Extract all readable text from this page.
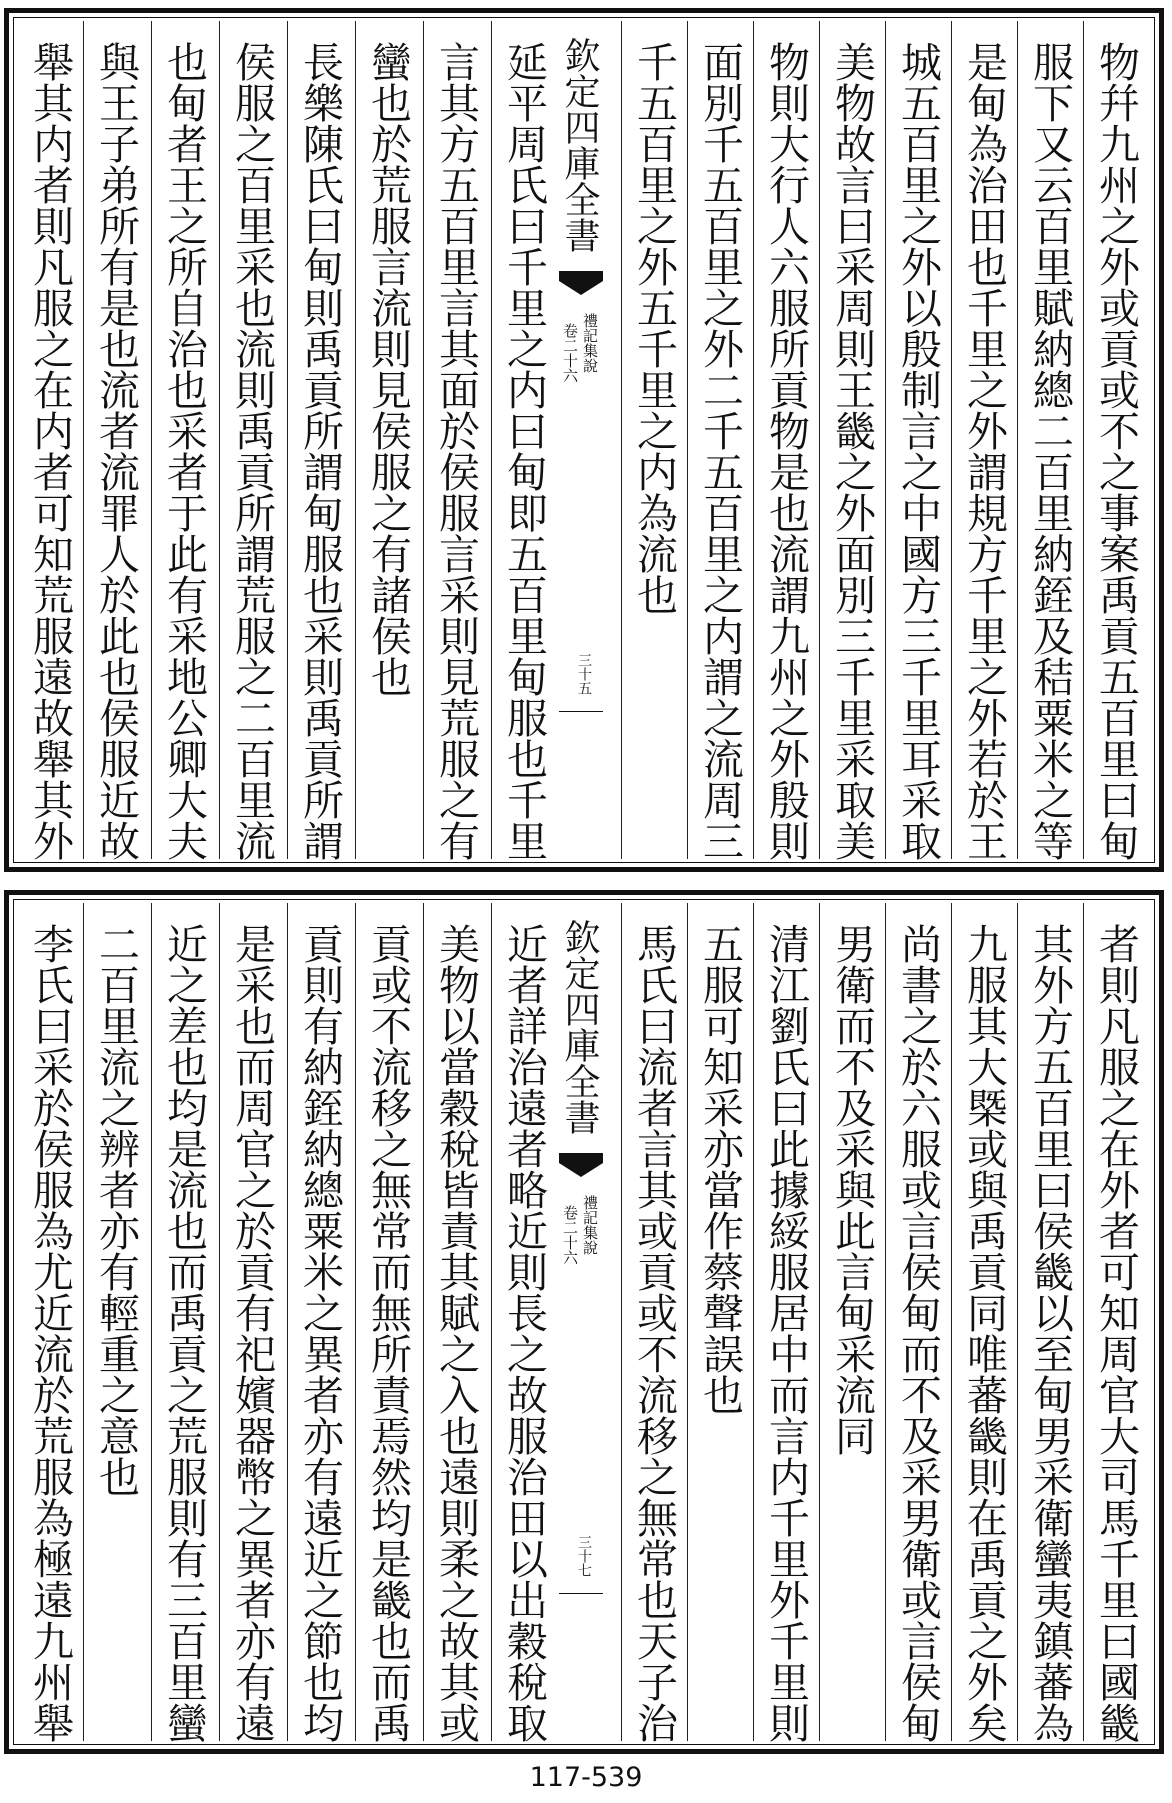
物幷九州之外或貢或不之事案禹貢五百里曰甸
服下又云百里賦納總二百里納銍及秸粟米之等
是甸為治田也千里之外謂規方千里之外若於王
城五百里之外以殷制言之中國方三千里耳采取
美物故言曰采周則王畿之外面別三千里采取美
物則大行人六服所貢物是也流謂九州之外殷則
面別千五百里之外二千五百里之内謂之流周三
千五百里之外五千里之内為流也
欽定四庫全書
禮記集說
卷二十六
三十五
延平周氏曰千里之内曰甸即五百里甸服也千里
言其方五百里言其面於侯服言采則見荒服之有
蠻也於荒服言流則見侯服之有諸侯也
長樂陳氏曰甸則禹貢所謂甸服也采則禹貢所謂
侯服之百里采也流則禹貢所謂荒服之二百里流
也甸者王之所自治也采者于此有采地公卿大夫
與王子弟所有是也流者流罪人於此也侯服近故
舉其内者則凡服之在内者可知荒服遠故舉其外
者則凡服之在外者可知周官大司馬千里曰國畿
其外方五百里曰侯畿以至甸男采衛蠻夷鎮蕃為
九服其大槩或與禹貢同唯蕃畿則在禹貢之外矣
尚書之於六服或言侯甸而不及采男衛或言侯甸
男衛而不及采與此言甸采流同
清江劉氏曰此據綏服居中而言内千里外千里則
五服可知采亦當作蔡聲誤也
馬氏曰流者言其或貢或不流移之無常也天子治
欽定四庫全書
禮記集說
卷二十六
三十七
近者詳治遠者略近則長之故服治田以出穀稅取
美物以當穀稅皆責其賦之入也遠則柔之故其或
貢或不流移之無常而無所責焉然均是畿也而禹
貢則有納銍納總粟米之異者亦有遠近之節也均
是采也而周官之於貢有祀嬪器幣之異者亦有遠
近之差也均是流也而禹貢之荒服則有三百里蠻
二百里流之辨者亦有輕重之意也
李氏曰采於侯服為尤近流於荒服為極遠九州舉
117-539
